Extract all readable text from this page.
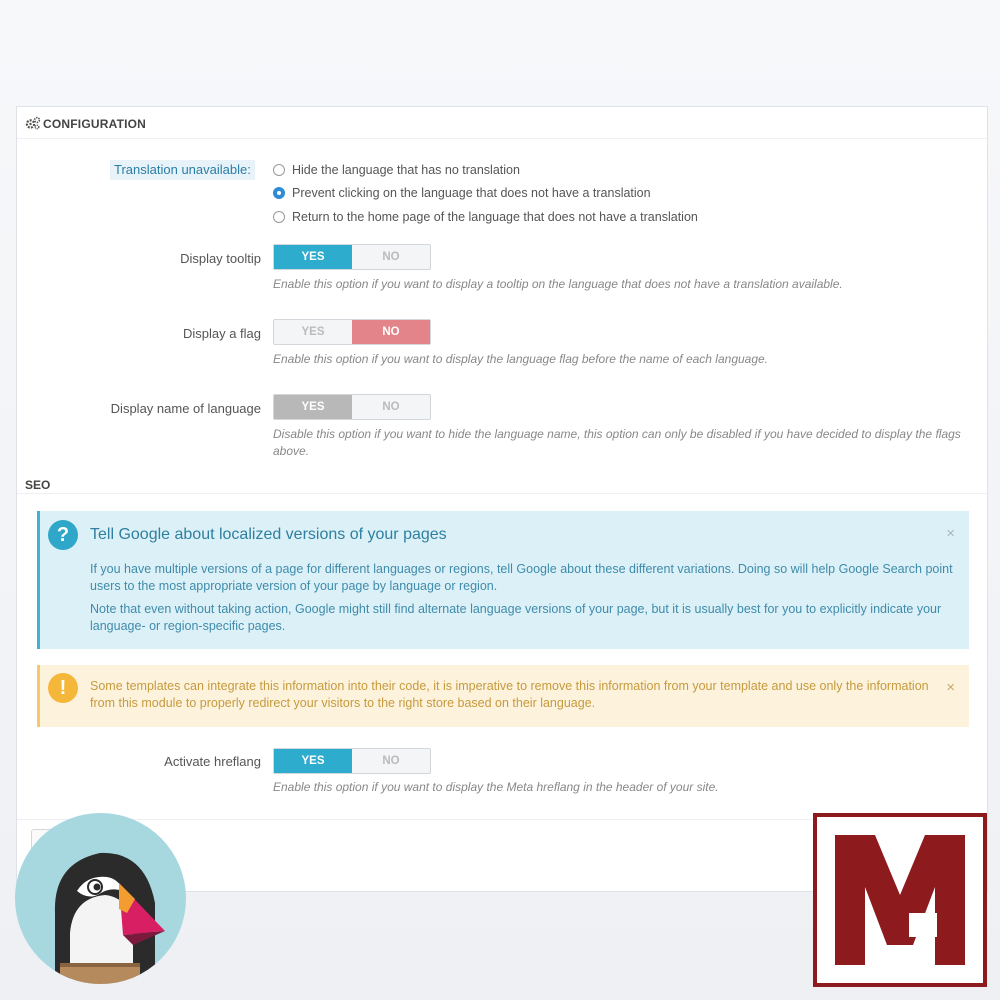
CONFIGURATION
Translation unavailable:	Hide the language that has no translation
Prevent clicking on the language that does not have a translation
Return to the home page of the language that does not have a translation
Display tooltip	YES	NO
Enable this option if you want to display a tooltip on the language that does not have a translation available.
Display a flag	YES	NO
Enable this option if you want to display the language flag before the name of each language.
Display name of language	YES	NO
Disable this option if you want to hide the language name, this option can only be disabled if you have decided to display the flags above.
SEO
?	Tell Google about localized versions of your pages	×
If you have multiple versions of a page for different languages or regions, tell Google about these different variations. Doing so will help Google Search point users to the most appropriate version of your page by language or region.
Note that even without taking action, Google might still find alternate language versions of your page, but it is usually best for you to explicitly indicate your language- or region-specific pages.
!	Some templates can integrate this information into their code, it is imperative to remove this information from your template and use only the information from this module to properly redirect your visitors to the right store based on their language.
×
Activate hreflang	YES	NO
Enable this option if you want to display the Meta hreflang in the header of your site.
